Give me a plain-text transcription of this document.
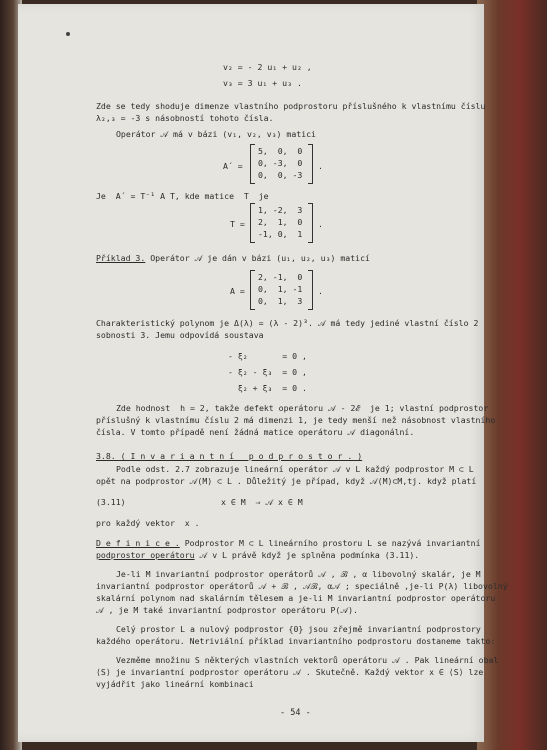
v₂ = - 2 u₁ + u₂ ,
v₃ = 3 u₁ + u₃ .
Zde se tedy shoduje dimenze vlastního podprostoru příslušného k vlastnímu číslu
λ₂,₃ = -3 s násobností tohoto čísla.
Operátor 𝒜 má v bázi (v₁, v₂, v₃) matici
A´ =
5,  0,  0
0, -3,  0
0,  0, -3
.
Je  A´ = T⁻¹ A T, kde matice  T  je
T =
1, -2,  3
2,  1,  0
-1, 0,  1
.
Příklad 3. Operátor 𝒜 je dán v bázi (u₁, u₂, u₃) maticí
A =
2, -1,  0
0,  1, -1
0,  1,  3
.
Charakteristický polynom je Δ(λ) = (λ - 2)³. 𝒜 má tedy jediné vlastní číslo 2
sobnosti 3. Jemu odpovídá soustava
- ξ₂       = 0 ,
- ξ₂ - ξ₃  = 0 ,
ξ₂ + ξ₃  = 0 .
Zde hodnost  h = 2, takže defekt operátoru 𝒜 - 2ℰ  je 1; vlastní podprostor
příslušný k vlastnímu číslu 2 má dimenzi 1, je tedy menší než násobnost vlastního
čísla. V tomto případě není žádná matice operátoru 𝒜 diagonální.
3.8. ( I n v a r i a n t n í   p o d p r o s t o r . )
Podle odst. 2.7 zobrazuje lineární operátor 𝒜 v L každý podprostor M ⊂ L
opět na podprostor 𝒜(M) ⊂ L . Důležitý je případ, když 𝒜(M)⊂M,tj. když platí
(3.11)	x ∈ M  ⇒ 𝒜 x ∈ M
pro každý vektor  x .
D e f i n i c e . Podprostor M ⊂ L lineárního prostoru L se nazývá invariantní
podprostor operátoru 𝒜 v L právě když je splněna podmínka (3.11).
Je-li M invariantní podprostor operátorů 𝒜 , ℬ , α libovolný skalár, je M
invariantní podprostor operátorů 𝒜 + ℬ , 𝒜ℬ, α𝒜 ; speciálně ,je-li P(λ) libovolný
skalární polynom nad skalárním tělesem a je-li M invariantní podprostor operátoru
𝒜 , je M také invariantní podprostor operátoru P(𝒜).
Celý prostor L a nulový podprostor {0} jsou zřejmě invariantní podprostory
každého operátoru. Netriviální příklad invariantního podprostoru dostaneme takto:
Vezměme množinu S některých vlastních vektorů operátoru 𝒜 . Pak lineární obal
⟨S⟩ je invariantní podprostor operátoru 𝒜 . Skutečně. Každý vektor x ∈ ⟨S⟩ lze
vyjádřit jako lineární kombinaci
- 54 -
